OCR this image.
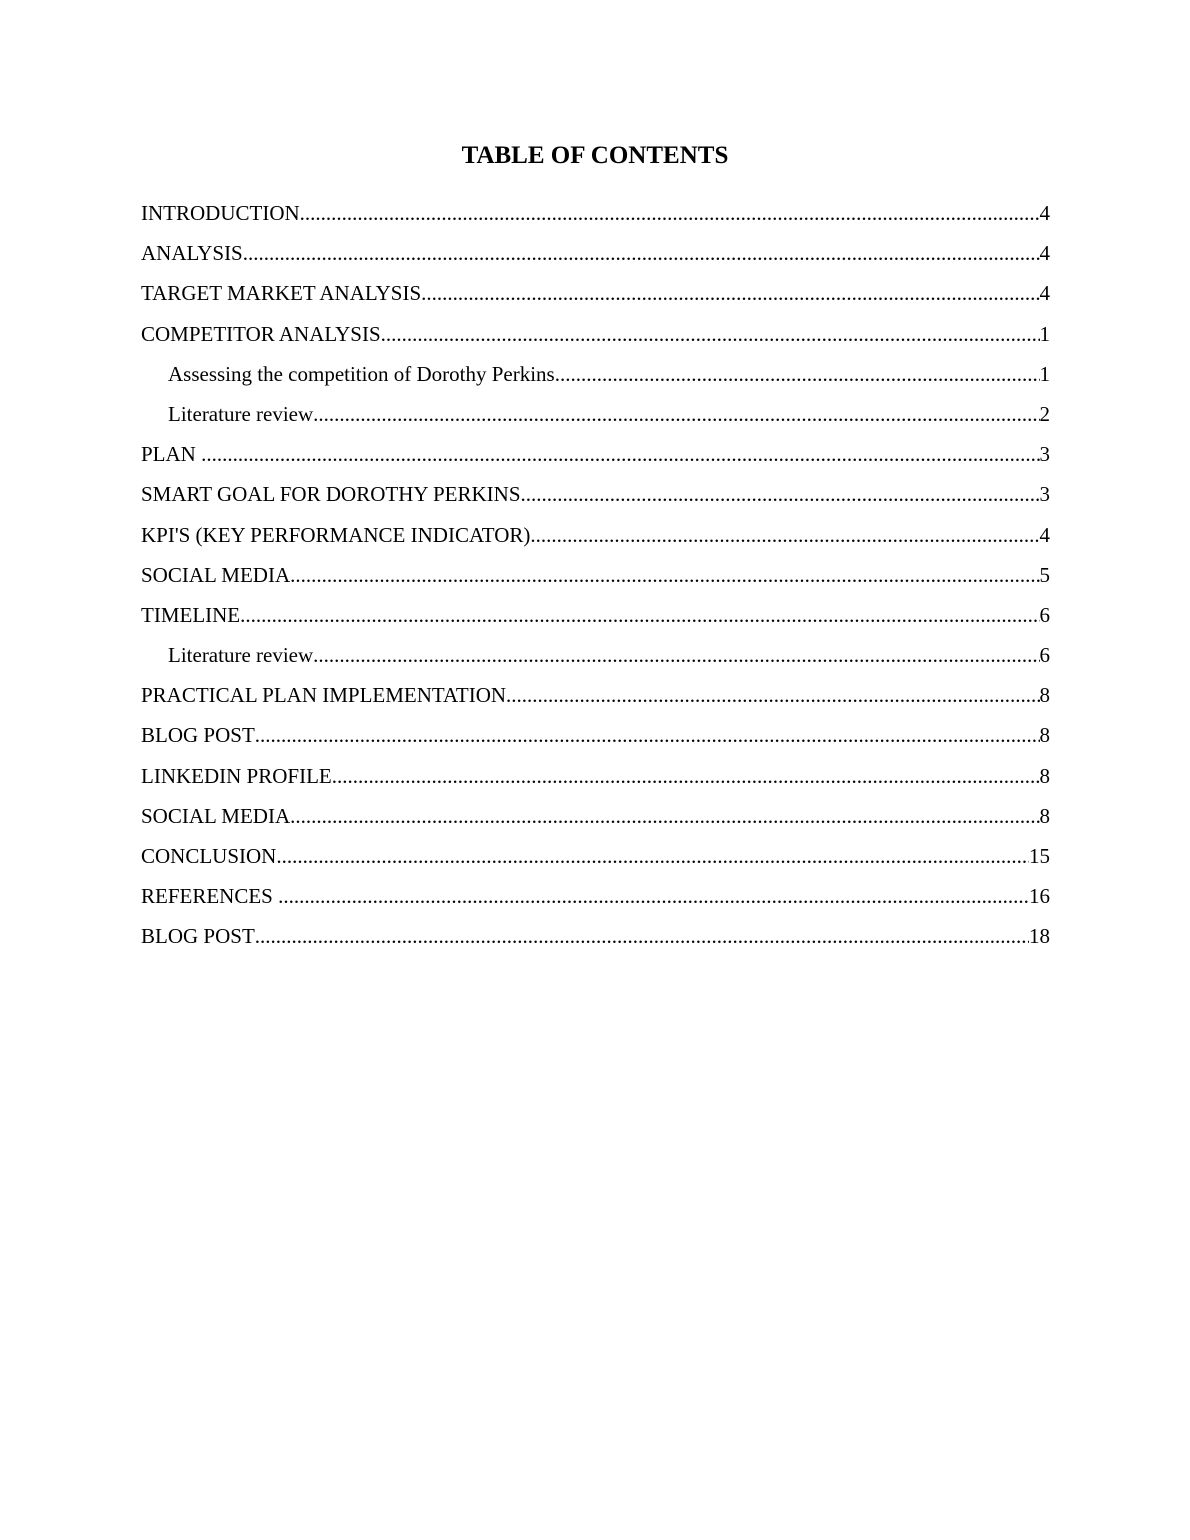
TABLE OF CONTENTS
INTRODUCTION .....	4
ANALYSIS .....	4
TARGET MARKET ANALYSIS .....	4
COMPETITOR ANALYSIS .....	1
Assessing the competition of Dorothy Perkins .....	1
Literature review .....	2
PLAN .....	3
SMART GOAL FOR DOROTHY PERKINS .....	3
KPI'S (KEY PERFORMANCE INDICATOR) .....	4
SOCIAL MEDIA .....	5
TIMELINE .....	6
Literature review .....	6
PRACTICAL PLAN IMPLEMENTATION .....	8
BLOG POST .....	8
LINKEDIN PROFILE .....	8
SOCIAL MEDIA .....	8
CONCLUSION .....	15
REFERENCES .....	16
BLOG POST .....	18
